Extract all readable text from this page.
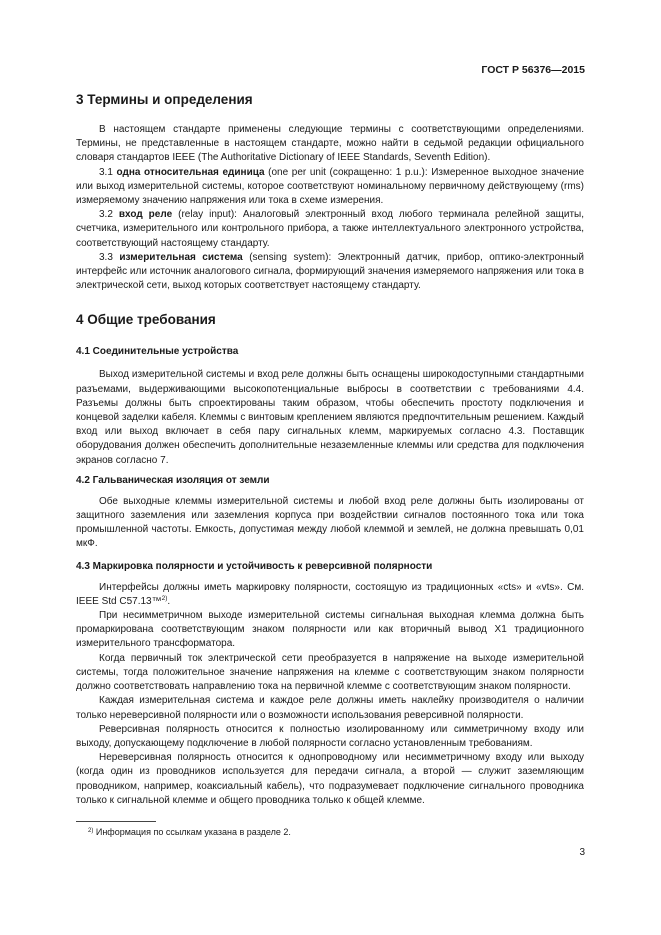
ГОСТ Р 56376—2015
3 Термины и определения

В настоящем стандарте применены следующие термины с соответствующими определениями. Термины, не представленные в настоящем стандарте, можно найти в седьмой редакции официального словаря стандартов IEEE (The Authoritative Dictionary of IEEE Standards, Seventh Edition).

3.1 одна относительная единица (one per unit (сокращенно: 1 p.u.): Измеренное выходное значение или выход измерительной системы, которое соответствуют номинальному первичному действующему (rms) измеряемому значению напряжения или тока в схеме измерения.

3.2 вход реле (relay input): Аналоговый электронный вход любого терминала релейной защиты, счетчика, измерительного или контрольного прибора, а также интеллектуального электронного устройства, соответствующий настоящему стандарту.

3.3 измерительная система (sensing system): Электронный датчик, прибор, оптико-электронный интерфейс или источник аналогового сигнала, формирующий значения измеряемого напряжения или тока в электрической сети, выход которых соответствует настоящему стандарту.

4 Общие требования
4.1 Соединительные устройства

Выход измерительной системы и вход реле должны быть оснащены широкодоступными стандартными разъемами, выдерживающими высокопотенциальные выбросы в соответствии с требованиями 4.4. Разъемы должны быть спроектированы таким образом, чтобы обеспечить простоту подключения и концевой заделки кабеля. Клеммы с винтовым креплением являются предпочтительным решением. Каждый вход или выход включает в себя пару сигнальных клемм, маркируемых согласно 4.3. Поставщик оборудования должен обеспечить дополнительные незаземленные клеммы или средства для подключения экранов согласно 7.

4.2 Гальваническая изоляция от земли

Обе выходные клеммы измерительной системы и любой вход реле должны быть изолированы от защитного заземления или заземления корпуса при воздействии сигналов постоянного тока или тока промышленной частоты. Емкость, допустимая между любой клеммой и землей, не должна превышать 0,01 мкФ.

4.3 Маркировка полярности и устойчивость к реверсивной полярности

Интерфейсы должны иметь маркировку полярности, состоящую из традиционных «cts» и «vts». См. IEEE Std C57.13™$^{2)}$.

При несимметричном выходе измерительной системы сигнальная выходная клемма должна быть промаркирована соответствующим знаком полярности или как вторичный вывод X1 традиционного измерительного трансформатора.

Когда первичный ток электрической сети преобразуется в напряжение на выходе измерительной системы, тогда положительное значение напряжения на клемме с соответствующим знаком полярности должно соответствовать направлению тока на первичной клемме с соответствующим знаком полярности.

Каждая измерительная система и каждое реле должны иметь наклейку производителя о наличии только нереверсивной полярности или о возможности использования реверсивной полярности.

Реверсивная полярность относится к полностью изолированному или симметричному входу или выходу, допускающему подключение в любой полярности согласно установленным требованиям.

Нереверсивная полярность относится к однопроводному или несимметричному входу или выходу (когда один из проводников используется для передачи сигнала, а второй — служит заземляющим проводником, например, коаксиальный кабель), что подразумевает подключение сигнального проводника только к сигнальной клемме и общего проводника только к общей клемме.

$^{2)}$ Информация по ссылкам указана в разделе 2.
3
